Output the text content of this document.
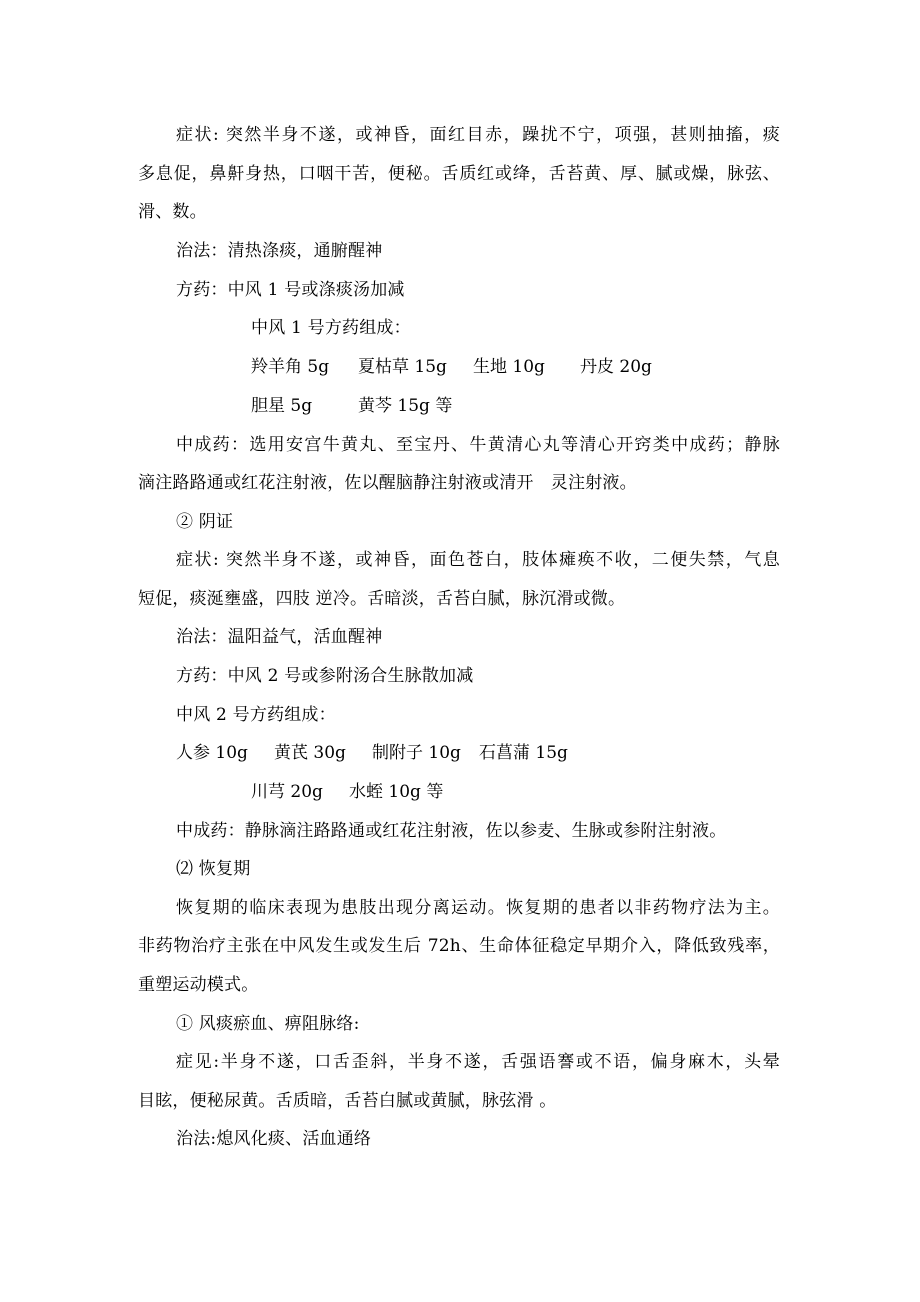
症状: 突然半身不遂，或神昏，面红目赤，躁扰不宁，项强，甚则抽搐，痰
多息促，鼻鼾身热，口咽干苦，便秘。舌质红或绛，舌苔黄、厚、腻或燥，脉弦、
滑、数。
治法：清热涤痰，通腑醒神
方药：中风 1 号或涤痰汤加减
中风 1 号方药组成：
羚羊角 5g 夏枯草 15g 生地 10g 丹皮 20g
胆星 5g	黄芩 15g 等
中成药：选用安宫牛黄丸、至宝丹、牛黄清心丸等清心开窍类中成药；静脉
滴注路路通或红花注射液，佐以醒脑静注射液或清开　灵注射液。
② 阴证
症状: 突然半身不遂，或神昏，面色苍白，肢体瘫痪不收，二便失禁，气息
短促，痰涎壅盛，四肢 逆冷。舌暗淡，舌苔白腻，脉沉滑或微。
治法：温阳益气，活血醒神
方药：中风 2 号或参附汤合生脉散加减
中风 2 号方药组成：
人参 10g 黄芪 30g 制附子 10g 石菖蒲 15g
川芎 20g 水蛭 10g 等
中成药：静脉滴注路路通或红花注射液，佐以参麦、生脉或参附注射液。
⑵ 恢复期
恢复期的临床表现为患肢出现分离运动。恢复期的患者以非药物疗法为主。
非药物治疗主张在中风发生或发生后 72h、生命体征稳定早期介入，降低致残率，
重塑运动模式。
① 风痰瘀血、痹阻脉络:
症见:半身不遂，口舌歪斜，半身不遂，舌强语謇或不语，偏身麻木，头晕
目眩，便秘尿黄。舌质暗，舌苔白腻或黄腻，脉弦滑 。
治法:熄风化痰、活血通络
